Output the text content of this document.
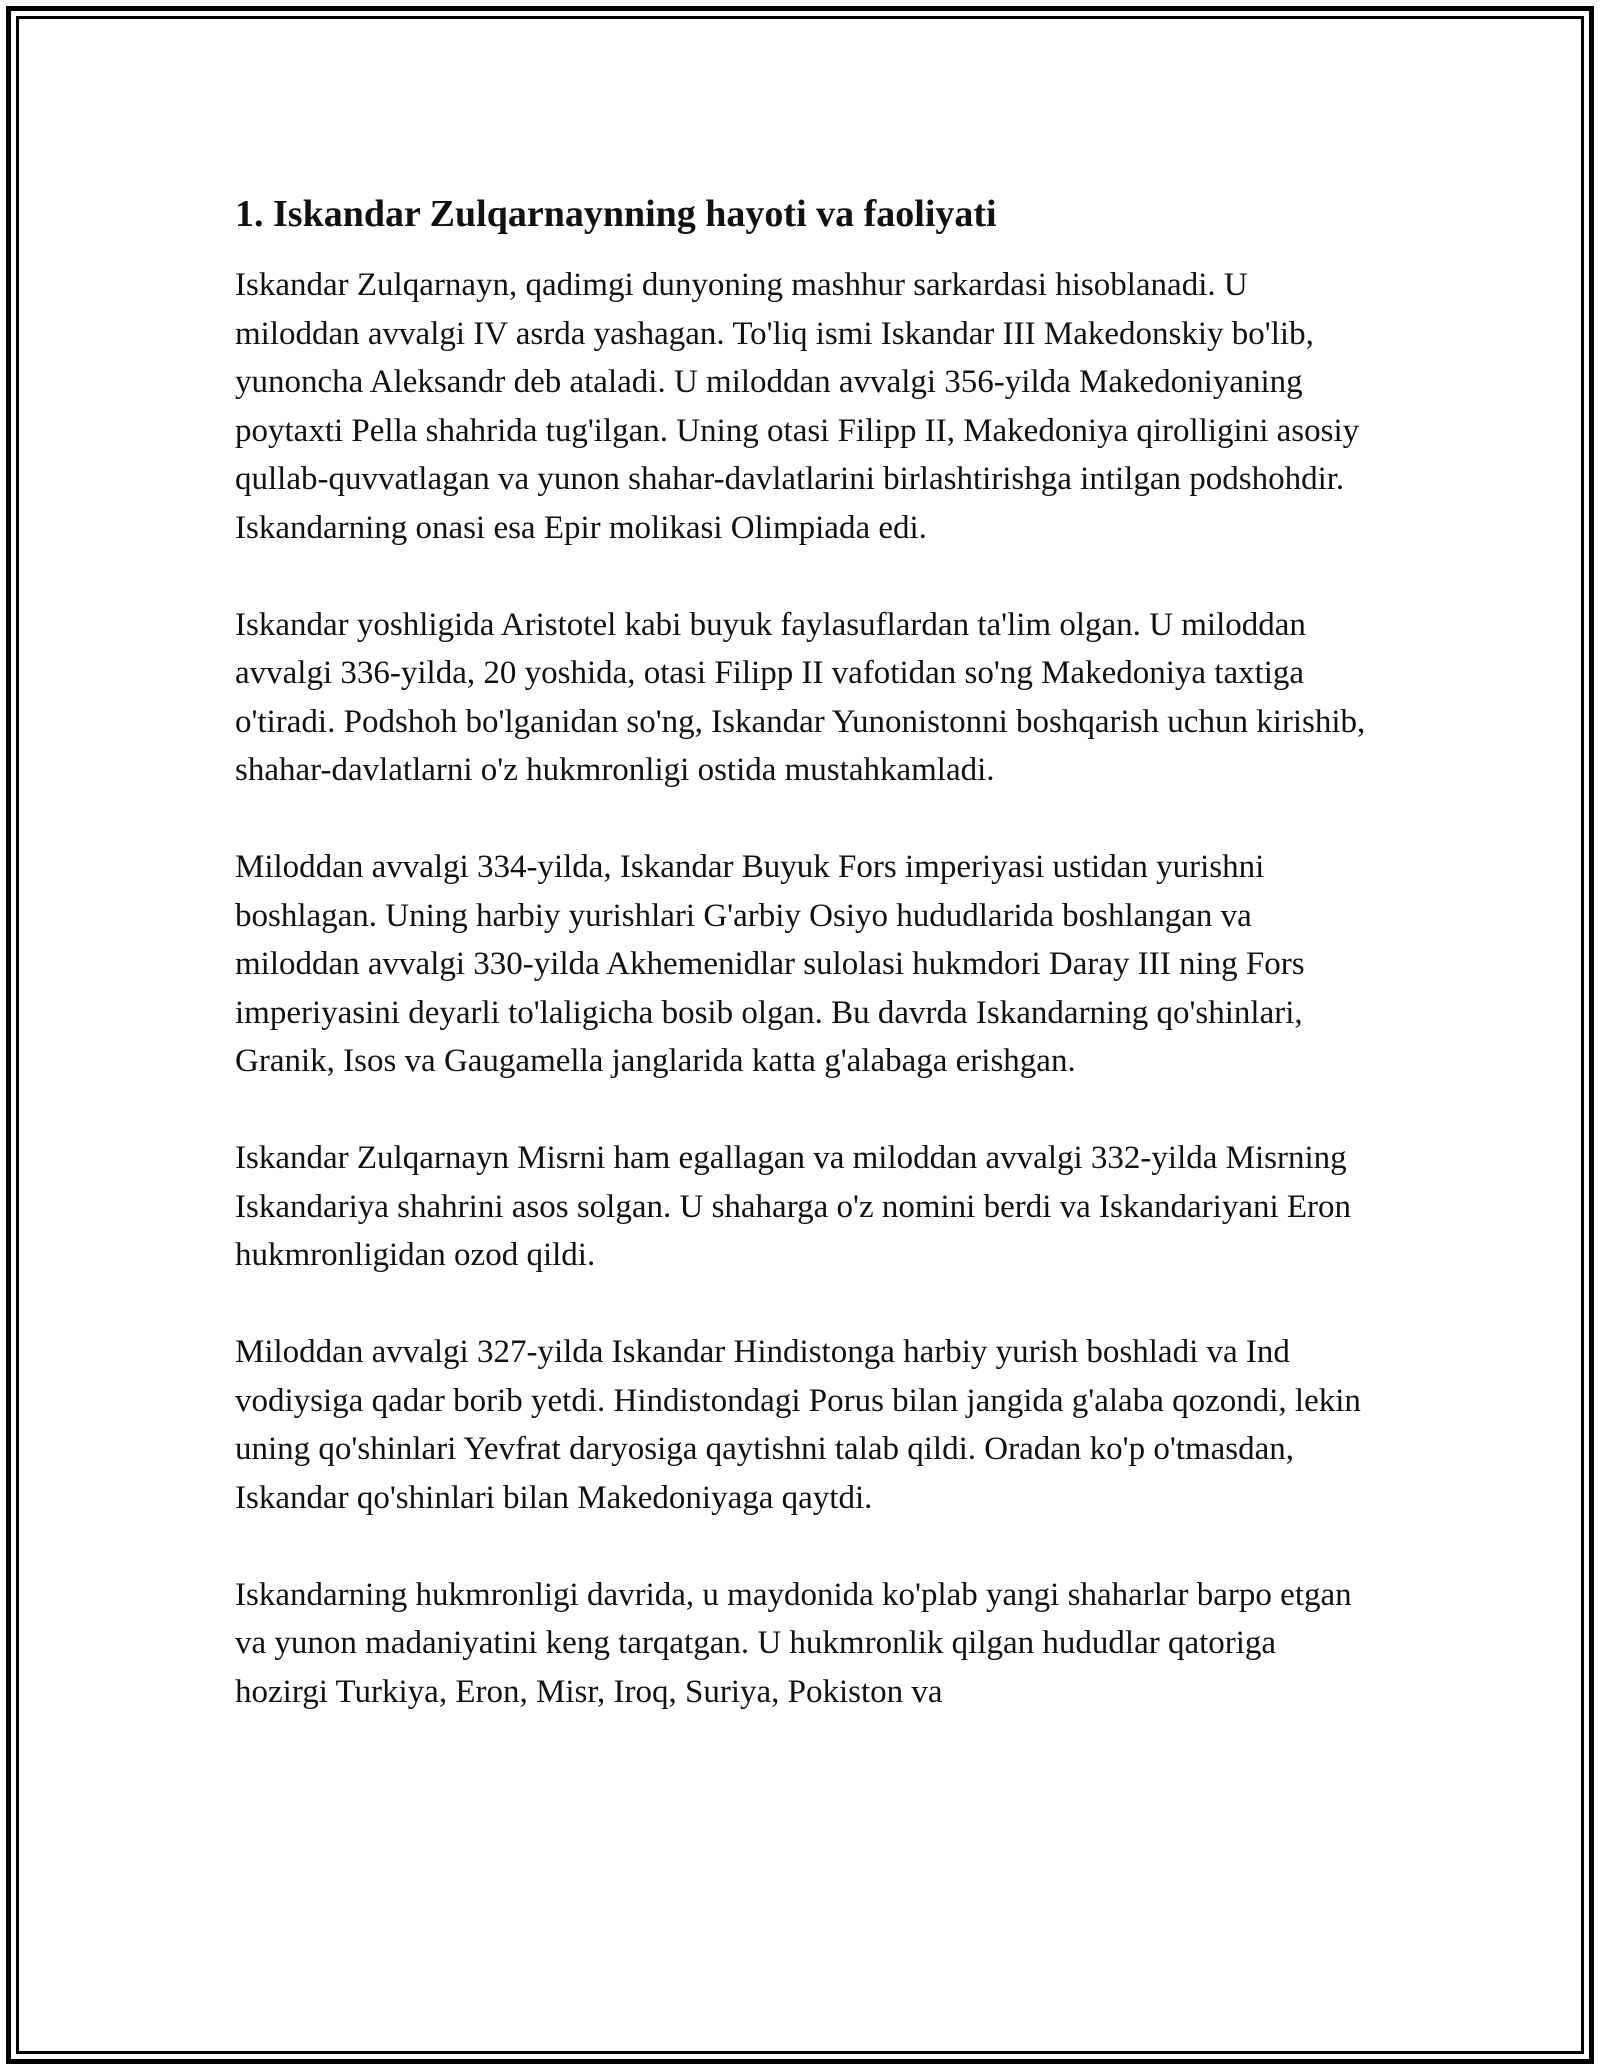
1. Iskandar Zulqarnaynning hayoti va faoliyati

Iskandar Zulqarnayn, qadimgi dunyoning mashhur sarkardasi hisoblanadi. U miloddan avvalgi IV asrda yashagan. To'liq ismi Iskandar III Makedonskiy bo'lib, yunoncha Aleksandr deb ataladi. U miloddan avvalgi 356-yilda Makedoniyaning poytaxti Pella shahrida tug'ilgan. Uning otasi Filipp II, Makedoniya qirolligini asosiy qullab-quvvatlagan va yunon shahar-davlatlarini birlashtirishga intilgan podshohdir. Iskandarning onasi esa Epir molikasi Olimpiada edi.

Iskandar yoshligida Aristotel kabi buyuk faylasuflardan ta'lim olgan. U miloddan avvalgi 336-yilda, 20 yoshida, otasi Filipp II vafotidan so'ng Makedoniya taxtiga o'tiradi. Podshoh bo'lganidan so'ng, Iskandar Yunonistonni boshqarish uchun kirishib, shahar-davlatlarni o'z hukmronligi ostida mustahkamladi.

Miloddan avvalgi 334-yilda, Iskandar Buyuk Fors imperiyasi ustidan yurishni boshlagan. Uning harbiy yurishlari G'arbiy Osiyo hududlarida boshlangan va miloddan avvalgi 330-yilda Akhemenidlar sulolasi hukmdori Daray III ning Fors imperiyasini deyarli to'laligicha bosib olgan. Bu davrda Iskandarning qo'shinlari, Granik, Isos va Gaugamella janglarida katta g'alabaga erishgan.

Iskandar Zulqarnayn Misrni ham egallagan va miloddan avvalgi 332-yilda Misrning Iskandariya shahrini asos solgan. U shaharga o'z nomini berdi va Iskandariyani Eron hukmronligidan ozod qildi.

Miloddan avvalgi 327-yilda Iskandar Hindistonga harbiy yurish boshladi va Ind vodiysiga qadar borib yetdi. Hindistondagi Porus bilan jangida g'alaba qozondi, lekin uning qo'shinlari Yevfrat daryosiga qaytishni talab qildi. Oradan ko'p o'tmasdan, Iskandar qo'shinlari bilan Makedoniyaga qaytdi.

Iskandarning hukmronligi davrida, u maydonida ko'plab yangi shaharlar barpo etgan va yunon madaniyatini keng tarqatgan. U hukmronlik qilgan hududlar qatoriga hozirgi Turkiya, Eron, Misr, Iroq, Suriya, Pokiston va
